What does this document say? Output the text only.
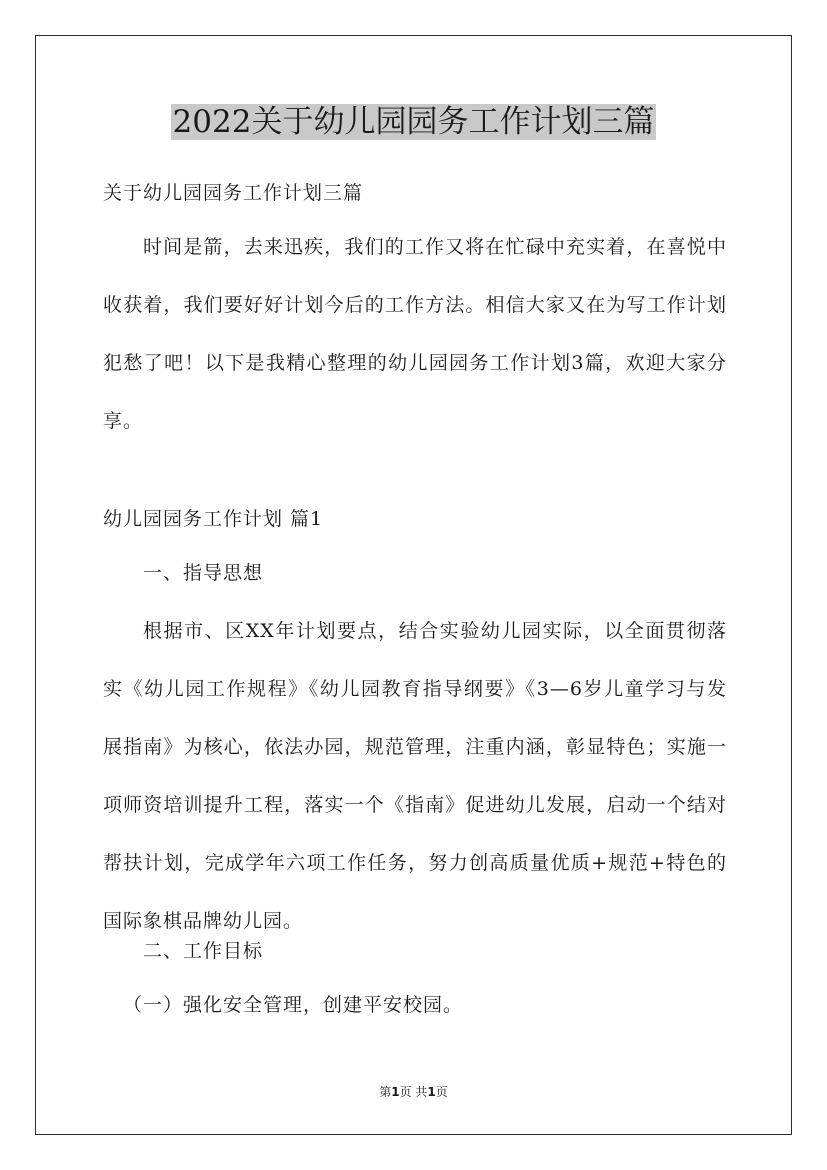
2022关于幼儿园园务工作计划三篇

关于幼儿园园务工作计划三篇

时间是箭，去来迅疾，我们的工作又将在忙碌中充实着，在喜悦中收获着，我们要好好计划今后的工作方法。相信大家又在为写工作计划犯愁了吧！以下是我精心整理的幼儿园园务工作计划3篇，欢迎大家分享。

幼儿园园务工作计划 篇1

一、指导思想

根据市、区XX年计划要点，结合实验幼儿园实际，以全面贯彻落实《幼儿园工作规程》《幼儿园教育指导纲要》《3—6岁儿童学习与发展指南》为核心，依法办园，规范管理，注重内涵，彰显特色；实施一项师资培训提升工程，落实一个《指南》促进幼儿发展，启动一个结对帮扶计划，完成学年六项工作任务，努力创高质量优质+规范+特色的国际象棋品牌幼儿园。

二、工作目标

（一）强化安全管理，创建平安校园。

第1页 共1页
